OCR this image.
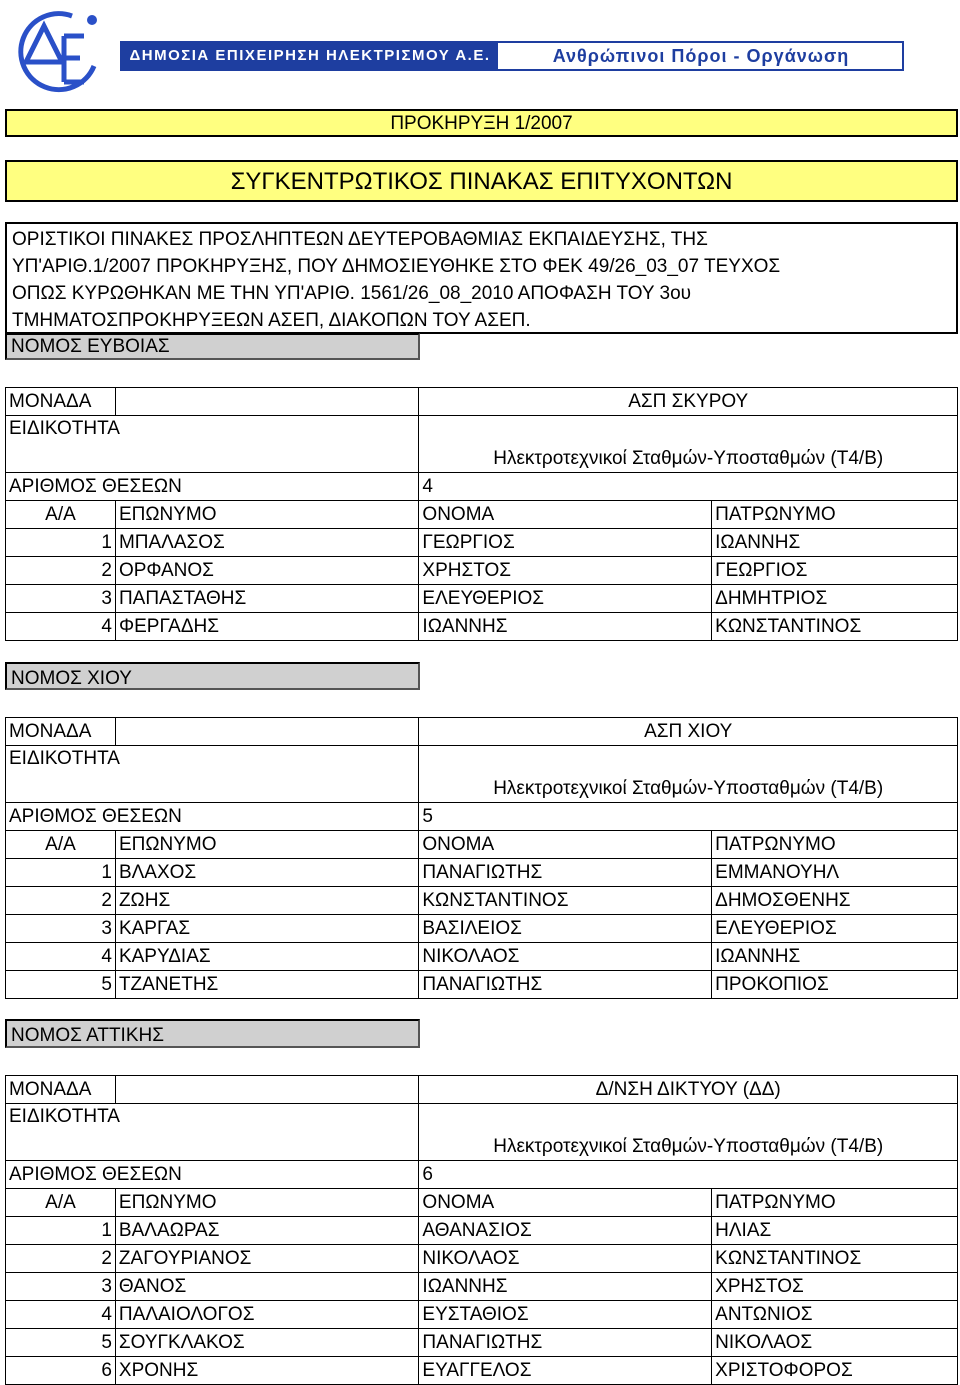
ΔΗΜΟΣΙΑ ΕΠΙΧΕΙΡΗΣΗ ΗΛΕΚΤΡΙΣΜΟΥ Α.Ε.	Ανθρώπινοι Πόροι - Οργάνωση
ΠΡΟΚΗΡΥΞΗ 1/2007
ΣΥΓΚΕΝΤΡΩΤΙΚΟΣ ΠΙΝΑΚΑΣ ΕΠΙΤΥΧΟΝΤΩΝ
ΟΡΙΣΤΙΚΟΙ ΠΙΝΑΚΕΣ ΠΡΟΣΛΗΠΤΕΩΝ ΔΕΥΤΕΡΟΒΑΘΜΙΑΣ ΕΚΠΑΙΔΕΥΣΗΣ, ΤΗΣ
ΥΠ'ΑΡΙΘ.1/2007 ΠΡΟΚΗΡΥΞΗΣ, ΠΟΥ ΔΗΜΟΣΙΕΥΘΗΚΕ ΣΤΟ ΦΕΚ 49/26_03_07 ΤΕΥΧΟΣ
ΟΠΩΣ ΚΥΡΩΘΗΚΑΝ ΜΕ ΤΗΝ ΥΠ'ΑΡΙΘ. 1561/26_08_2010 ΑΠΟΦΑΣΗ ΤΟΥ 3ου
ΤΜΗΜΑΤΟΣΠΡΟΚΗΡΥΞΕΩΝ ΑΣΕΠ, ΔΙΑΚΟΠΩΝ ΤΟΥ ΑΣΕΠ.
ΝΟΜΟΣ ΕΥΒΟΙΑΣ
ΜΟΝΑΔΑ		ΑΣΠ ΣΚΥΡΟΥ	
ΕΙΔΙΚΟΤΗΤΑ		Ηλεκτροτεχνικοί Σταθμών-Υποσταθμών (Τ4/Β)	
ΑΡΙΘΜΟΣ ΘΕΣΕΩΝ		4	
Α/Α	ΕΠΩΝΥΜΟ	ΟΝΟΜΑ	ΠΑΤΡΩΝΥΜΟ
1	ΜΠΑΛΑΣΟΣ	ΓΕΩΡΓΙΟΣ	ΙΩΑΝΝΗΣ
2	ΟΡΦΑΝΟΣ	ΧΡΗΣΤΟΣ	ΓΕΩΡΓΙΟΣ
3	ΠΑΠΑΣΤΑΘΗΣ	ΕΛΕΥΘΕΡΙΟΣ	ΔΗΜΗΤΡΙΟΣ
4	ΦΕΡΓΑΔΗΣ	ΙΩΑΝΝΗΣ	ΚΩΝΣΤΑΝΤΙΝΟΣ
ΝΟΜΟΣ ΧΙΟΥ
ΜΟΝΑΔΑ		ΑΣΠ ΧΙΟΥ	
ΕΙΔΙΚΟΤΗΤΑ		Ηλεκτροτεχνικοί Σταθμών-Υποσταθμών (Τ4/Β)	
ΑΡΙΘΜΟΣ ΘΕΣΕΩΝ		5	
Α/Α	ΕΠΩΝΥΜΟ	ΟΝΟΜΑ	ΠΑΤΡΩΝΥΜΟ
1	ΒΛΑΧΟΣ	ΠΑΝΑΓΙΩΤΗΣ	ΕΜΜΑΝΟΥΗΛ
2	ΖΩΗΣ	ΚΩΝΣΤΑΝΤΙΝΟΣ	ΔΗΜΟΣΘΕΝΗΣ
3	ΚΑΡΓΑΣ	ΒΑΣΙΛΕΙΟΣ	ΕΛΕΥΘΕΡΙΟΣ
4	ΚΑΡΥΔΙΑΣ	ΝΙΚΟΛΑΟΣ	ΙΩΑΝΝΗΣ
5	ΤΖΑΝΕΤΗΣ	ΠΑΝΑΓΙΩΤΗΣ	ΠΡΟΚΟΠΙΟΣ
ΝΟΜΟΣ ΑΤΤΙΚΗΣ
ΜΟΝΑΔΑ		Δ/ΝΣΗ ΔΙΚΤΥΟΥ (ΔΔ)	
ΕΙΔΙΚΟΤΗΤΑ		Ηλεκτροτεχνικοί Σταθμών-Υποσταθμών (Τ4/Β)	
ΑΡΙΘΜΟΣ ΘΕΣΕΩΝ		6	
Α/Α	ΕΠΩΝΥΜΟ	ΟΝΟΜΑ	ΠΑΤΡΩΝΥΜΟ
1	ΒΑΛΑΩΡΑΣ	ΑΘΑΝΑΣΙΟΣ	ΗΛΙΑΣ
2	ΖΑΓΟΥΡΙΑΝΟΣ	ΝΙΚΟΛΑΟΣ	ΚΩΝΣΤΑΝΤΙΝΟΣ
3	ΘΑΝΟΣ	ΙΩΑΝΝΗΣ	ΧΡΗΣΤΟΣ
4	ΠΑΛΑΙΟΛΟΓΟΣ	ΕΥΣΤΑΘΙΟΣ	ΑΝΤΩΝΙΟΣ
5	ΣΟΥΓΚΛΑΚΟΣ	ΠΑΝΑΓΙΩΤΗΣ	ΝΙΚΟΛΑΟΣ
6	ΧΡΟΝΗΣ	ΕΥΑΓΓΕΛΟΣ	ΧΡΙΣΤΟΦΟΡΟΣ
